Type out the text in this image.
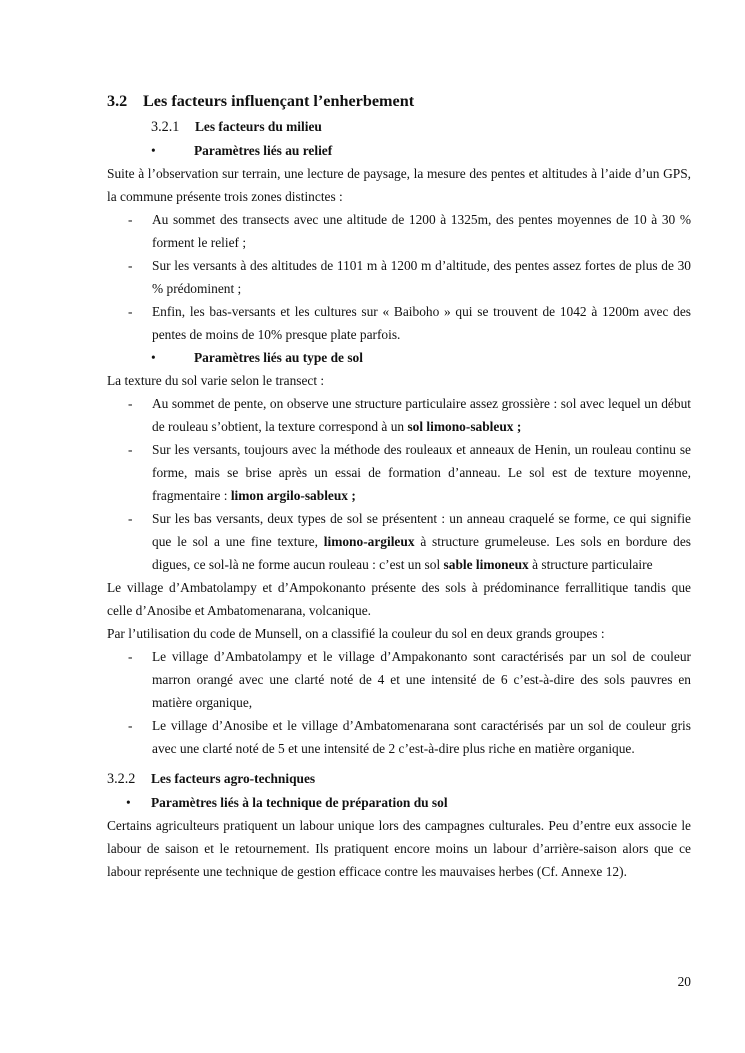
3.2 Les facteurs influençant l’enherbement
3.2.1 Les facteurs du milieu
•	Paramètres liés au relief

Suite à l’observation sur terrain, une lecture de paysage, la mesure des pentes et altitudes à l’aide d’un GPS, la commune présente trois zones distinctes :

- Au sommet des transects avec une altitude de 1200 à 1325m, des pentes moyennes de 10 à 30 % forment le relief ;
- Sur les versants à des altitudes de 1101 m à 1200 m d’altitude, des pentes assez fortes de plus de 30 % prédominent ;
- Enfin, les bas-versants et les cultures sur « Baiboho » qui se trouvent de 1042 à 1200m avec des pentes de moins de 10% presque plate parfois.
•	Paramètres liés au type de sol

La texture du sol varie selon le transect :

- Au sommet de pente, on observe une structure particulaire assez grossière : sol avec lequel un début de rouleau s’obtient, la texture correspond à un sol limono-sableux ;
- Sur les versants, toujours avec la méthode des rouleaux et anneaux de Henin, un rouleau continu se forme, mais se brise après un essai de formation d’anneau. Le sol est de texture moyenne, fragmentaire : limon argilo-sableux ;
- Sur les bas versants, deux types de sol se présentent : un anneau craquelé se forme, ce qui signifie que le sol a une fine texture, limono-argileux à structure grumeleuse. Les sols en bordure des digues, ce sol-là ne forme aucun rouleau : c’est un sol sable limoneux à structure particulaire

Le village d’Ambatolampy et d’Ampokonanto présente des sols à prédominance ferrallitique tandis que celle d’Anosibe et Ambatomenarana, volcanique.

Par l’utilisation du code de Munsell, on a classifié la couleur du sol en deux grands groupes :

- Le village d’Ambatolampy et le village d’Ampakonanto sont caractérisés par un sol de couleur marron orangé avec une clarté noté de 4 et une intensité de 6 c’est-à-dire des sols pauvres en matière organique,
- Le village d’Anosibe et le village d’Ambatomenarana sont caractérisés par un sol de couleur gris avec une clarté noté de 5 et une intensité de 2 c’est-à-dire plus riche en matière organique.
3.2.2 Les facteurs agro-techniques
• Paramètres liés à la technique de préparation du sol

Certains agriculteurs pratiquent un labour unique lors des campagnes culturales. Peu d’entre eux associe le labour de saison et le retournement. Ils pratiquent encore moins un labour d’arrière-saison alors que ce labour représente une technique de gestion efficace contre les mauvaises herbes (Cf. Annexe 12).

20
